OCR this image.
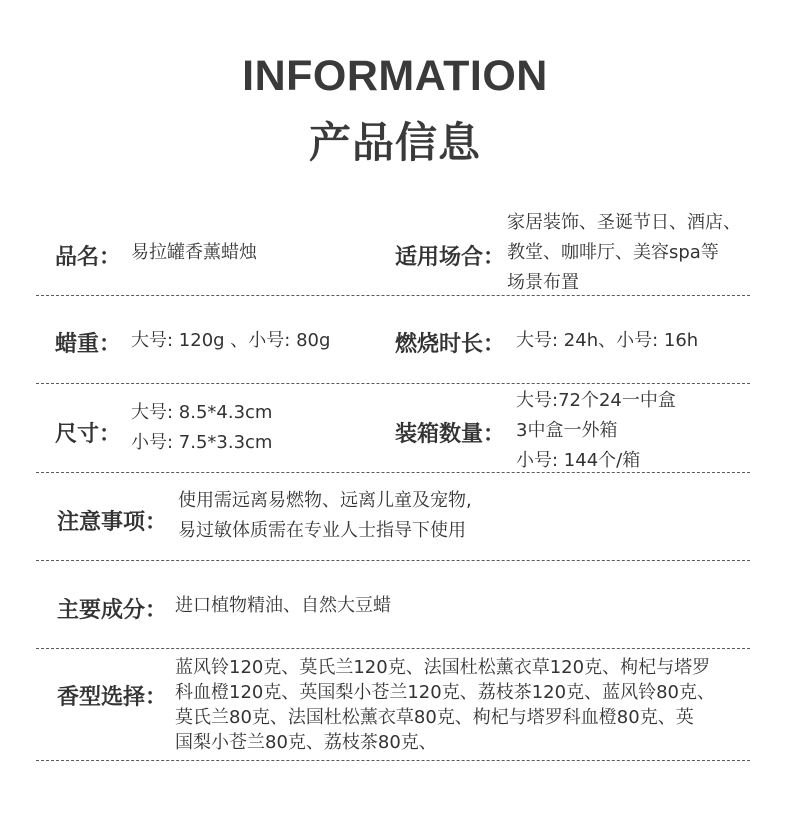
INFORMATION
产品信息
品名： 易拉罐香薰蜡烛	适用场合：
家居装饰、圣诞节日、酒店、
教堂、咖啡厅、美容spa等
场景布置
蜡重： 大号: 120g 、小号: 80g	燃烧时长： 大号: 24h、小号: 16h
尺寸：
大号: 8.5*4.3cm
小号: 7.5*3.3cm	装箱数量：
大号:72个24一中盒
3中盒一外箱
小号: 144个/箱
注意事项：
使用需远离易燃物、远离儿童及宠物,
易过敏体质需在专业人士指导下使用
主要成分： 进口植物精油、自然大豆蜡
香型选择：
蓝风铃120克、莫氏兰120克、法国杜松薰衣草120克、枸杞与塔罗
科血橙120克、英国梨小苍兰120克、荔枝茶120克、蓝风铃80克、
莫氏兰80克、法国杜松薰衣草80克、枸杞与塔罗科血橙80克、英
国梨小苍兰80克、荔枝茶80克、
